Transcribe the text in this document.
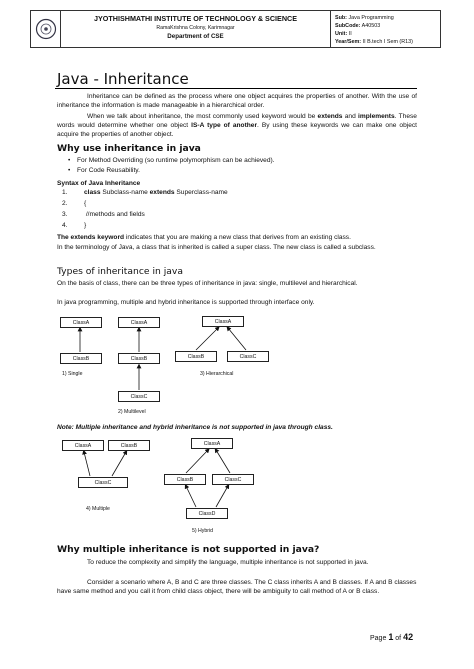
JYOTHISHMATHI INSTITUTE OF TECHNOLOGY & SCIENCE
RamaKrishna Colony, Karimnagar
Department of CSE
Sub: Java Programming
SubCode: A40503
Unit: II
Year/Sem: II B.tech I Sem (R13)
Java - Inheritance
Inheritance can be defined as the process where one object acquires the properties of another. With the use of inheritance the information is made manageable in a hierarchical order.
When we talk about inheritance, the most commonly used keyword would be extends and implements. These words would determine whether one object IS-A type of another. By using these keywords we can make one object acquire the properties of another object.
Why use inheritance in java
• For Method Overriding (so runtime polymorphism can be achieved).
• For Code Reusability.
Syntax of Java Inheritance
1.	class Subclass-name extends Superclass-name
2.	{
3.	//methods and fields
4.	}
The extends keyword indicates that you are making a new class that derives from an existing class.
In the terminology of Java, a class that is inherited is called a super class. The new class is called a subclass.
Types of inheritance in java
On the basis of class, there can be three types of inheritance in java: single, multilevel and hierarchical.
In java programming, multiple and hybrid inheritance is supported through interface only.
ClassA
ClassB
1) Single
ClassA
ClassB
ClassC
2) Multilevel
ClassA
ClassB	ClassC
3) Hierarchical
Note: Multiple inheritance and hybrid inheritance is not supported in java through class.
ClassA	ClassB
ClassC
4) Multiple
ClassA
ClassB	ClassC
ClassD
5) Hybrid
Why multiple inheritance is not supported in java?
To reduce the complexity and simplify the language, multiple inheritance is not supported in java.
Consider a scenario where A, B and C are three classes. The C class inherits A and B classes. If A and B classes have same method and you call it from child class object, there will be ambiguity to call method of A or B class.
Page 1 of 42
